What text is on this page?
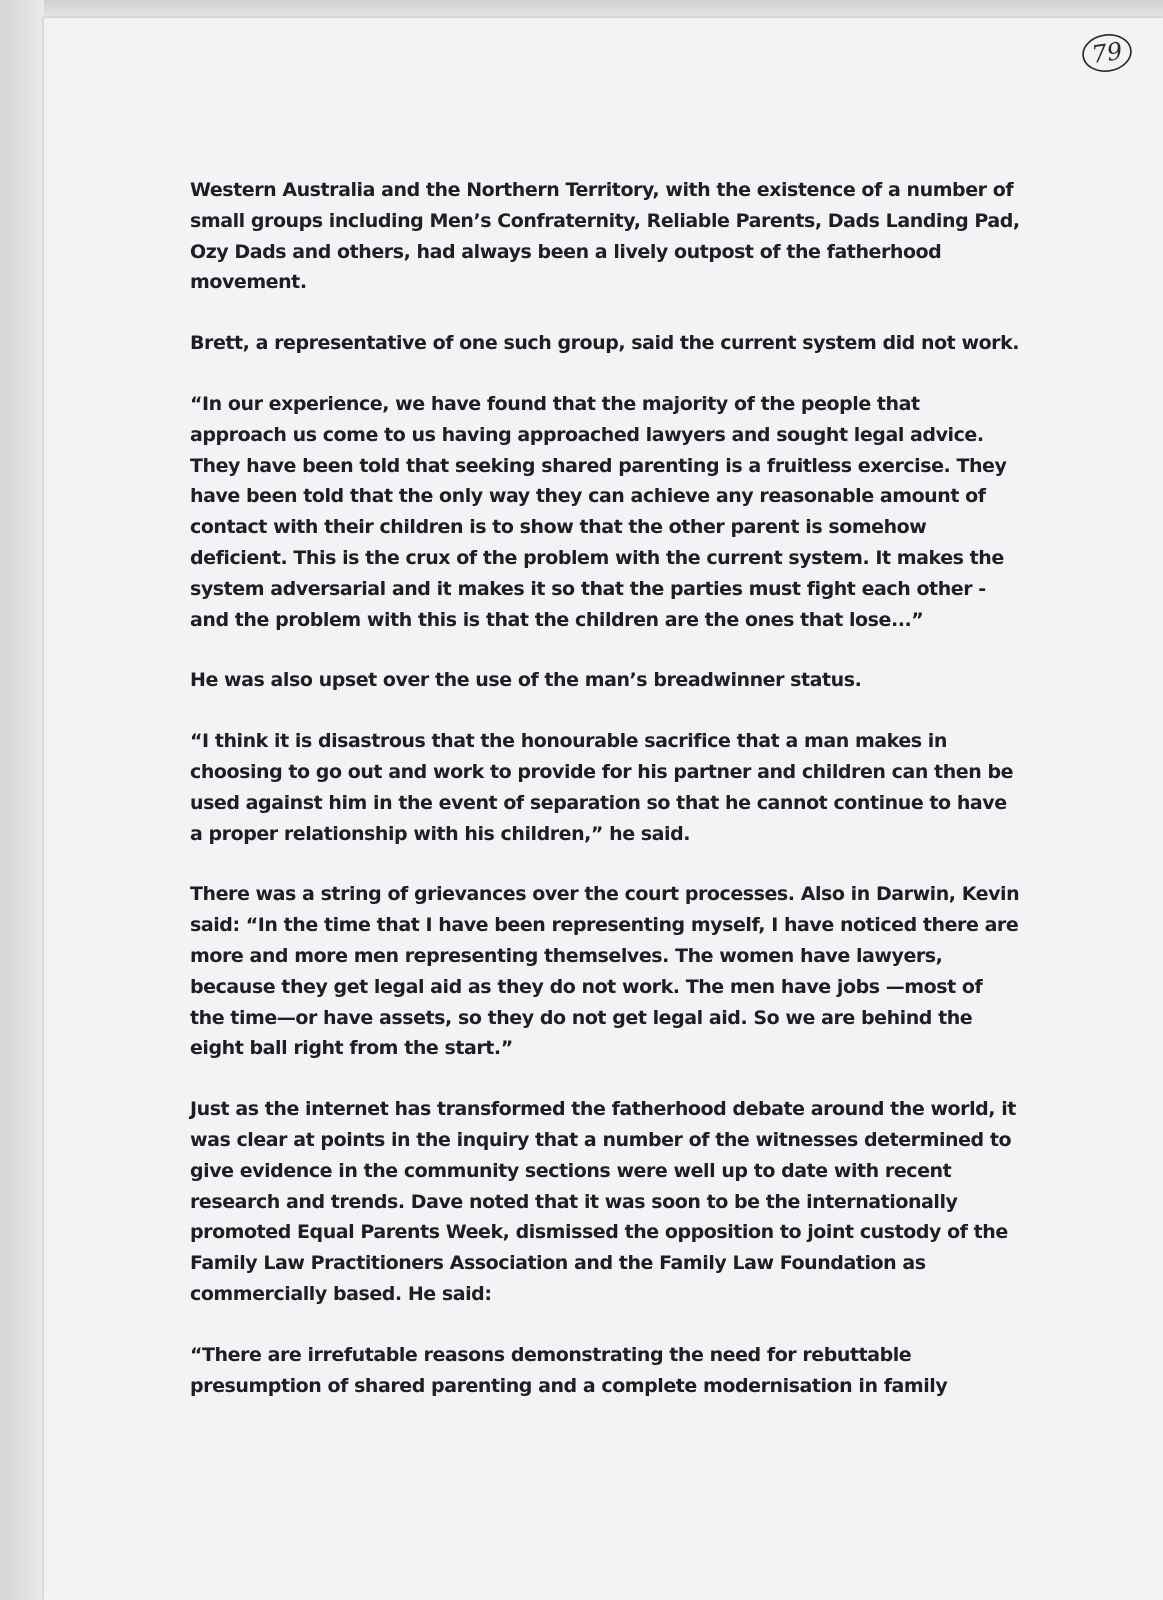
79

Western Australia and the Northern Territory, with the existence of a number of small groups including Men’s Confraternity, Reliable Parents, Dads Landing Pad, Ozy Dads and others, had always been a lively outpost of the fatherhood movement.

Brett, a representative of one such group, said the current system did not work.

“In our experience, we have found that the majority of the people that approach us come to us having approached lawyers and sought legal advice. They have been told that seeking shared parenting is a fruitless exercise. They have been told that the only way they can achieve any reasonable amount of contact with their children is to show that the other parent is somehow deficient. This is the crux of the problem with the current system. It makes the system adversarial and it makes it so that the parties must fight each other - and the problem with this is that the children are the ones that lose...”

He was also upset over the use of the man’s breadwinner status.

“I think it is disastrous that the honourable sacrifice that a man makes in choosing to go out and work to provide for his partner and children can then be used against him in the event of separation so that he cannot continue to have a proper relationship with his children,” he said.

There was a string of grievances over the court processes. Also in Darwin, Kevin said: “In the time that I have been representing myself, I have noticed there are more and more men representing themselves. The women have lawyers, because they get legal aid as they do not work. The men have jobs —most of the time—or have assets, so they do not get legal aid. So we are behind the eight ball right from the start.”

Just as the internet has transformed the fatherhood debate around the world, it was clear at points in the inquiry that a number of the witnesses determined to give evidence in the community sections were well up to date with recent research and trends. Dave noted that it was soon to be the internationally promoted Equal Parents Week, dismissed the opposition to joint custody of the Family Law Practitioners Association and the Family Law Foundation as commercially based. He said:

“There are irrefutable reasons demonstrating the need for rebuttable presumption of shared parenting and a complete modernisation in family
